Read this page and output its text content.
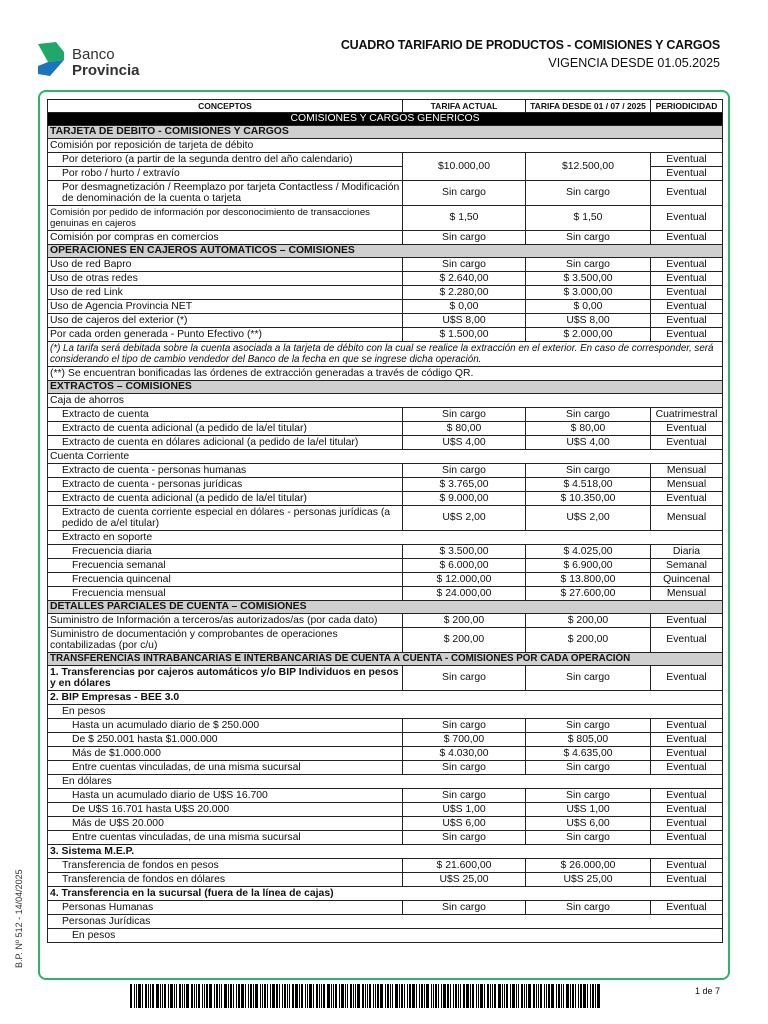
Banco
Provincia
CUADRO TARIFARIO DE PRODUCTOS - COMISIONES Y CARGOS
VIGENCIA DESDE 01.05.2025
CONCEPTOS	TARIFA ACTUAL	TARIFA DESDE 01 / 07 / 2025	PERIODICIDAD
COMISIONES Y CARGOS GENÉRICOS			
TARJETA DE DÉBITO - COMISIONES Y CARGOS			
Comisión por reposición de tarjeta de débito			
Por deterioro (a partir de la segunda dentro del año calendario)	$10.000,00	$12.500,00	Eventual
Por robo / hurto / extravío			Eventual
Por desmagnetización / Reemplazo por tarjeta Contactless / Modificación de denominación de la cuenta o tarjeta	Sin cargo	Sin cargo	Eventual
Comisión por pedido de información por desconocimiento de transacciones genuinas en cajeros	$ 1,50	$ 1,50	Eventual
Comisión por compras en comercios	Sin cargo	Sin cargo	Eventual
OPERACIONES EN CAJEROS AUTOMÁTICOS – COMISIONES			
Uso de red Bapro	Sin cargo	Sin cargo	Eventual
Uso de otras redes	$ 2.640,00	$ 3.500,00	Eventual
Uso de red Link	$ 2.280,00	$ 3.000,00	Eventual
Uso de Agencia Provincia NET	$ 0,00	$ 0,00	Eventual
Uso de cajeros del exterior (*)	U$S 8,00	U$S 8,00	Eventual
Por cada orden generada - Punto Efectivo (**)	$ 1.500,00	$ 2.000,00	Eventual
(*) La tarifa será debitada sobre la cuenta asociada a la tarjeta de débito con la cual se realice la extracción en el exterior. En caso de corresponder, será considerando el tipo de cambio vendedor del Banco de la fecha en que se ingrese dicha operación.			
(**) Se encuentran bonificadas las órdenes de extracción generadas a través de código QR.			
EXTRACTOS – COMISIONES			
Caja de ahorros			
Extracto de cuenta	Sin cargo	Sin cargo	Cuatrimestral
Extracto de cuenta adicional (a pedido de la/el titular)	$ 80,00	$ 80,00	Eventual
Extracto de cuenta en dólares adicional (a pedido de la/el titular)	U$S 4,00	U$S 4,00	Eventual
Cuenta Corriente			
Extracto de cuenta - personas humanas	Sin cargo	Sin cargo	Mensual
Extracto de cuenta - personas jurídicas	$ 3.765,00	$ 4.518,00	Mensual
Extracto de cuenta adicional (a pedido de la/el titular)	$ 9.000,00	$ 10.350,00	Eventual
Extracto de cuenta corriente especial en dólares - personas jurídicas (a pedido de a/el titular)	U$S 2,00	U$S 2,00	Mensual
Extracto en soporte			
Frecuencia diaria	$ 3.500,00	$ 4.025,00	Diaria
Frecuencia semanal	$ 6.000,00	$ 6.900,00	Semanal
Frecuencia quincenal	$ 12.000,00	$ 13.800,00	Quincenal
Frecuencia mensual	$ 24.000,00	$ 27.600,00	Mensual
DETALLES PARCIALES DE CUENTA – COMISIONES			
Suministro de Información a terceros/as autorizados/as (por cada dato)	$ 200,00	$ 200,00	Eventual
Suministro de documentación y comprobantes de operaciones contabilizadas (por c/u)	$ 200,00	$ 200,00	Eventual
TRANSFERENCIAS INTRABANCARIAS E INTERBANCARIAS DE CUENTA A CUENTA - COMISIONES POR CADA OPERACIÓN			
1. Transferencias por cajeros automáticos y/o BIP Individuos en pesos y en dólares	Sin cargo	Sin cargo	Eventual
2. BIP Empresas - BEE 3.0			
En pesos			
Hasta un acumulado diario de $ 250.000	Sin cargo	Sin cargo	Eventual
De $ 250.001 hasta $1.000.000	$ 700,00	$ 805,00	Eventual
Más de $1.000.000	$ 4.030,00	$ 4.635,00	Eventual
Entre cuentas vinculadas, de una misma sucursal	Sin cargo	Sin cargo	Eventual
En dólares			
Hasta un acumulado diario de U$S 16.700	Sin cargo	Sin cargo	Eventual
De U$S 16.701 hasta U$S 20.000	U$S 1,00	U$S 1,00	Eventual
Más de U$S 20.000	U$S 6,00	U$S 6,00	Eventual
Entre cuentas vinculadas, de una misma sucursal	Sin cargo	Sin cargo	Eventual
3. Sistema M.E.P.			
Transferencia de fondos en pesos	$ 21.600,00	$ 26.000,00	Eventual
Transferencia de fondos en dólares	U$S 25,00	U$S 25,00	Eventual
4. Transferencia en la sucursal (fuera de la línea de cajas)			
Personas Humanas	Sin cargo	Sin cargo	Eventual
Personas Jurídicas			
En pesos			
B.P. Nº 512 - 14/04/2025
1 de 7
